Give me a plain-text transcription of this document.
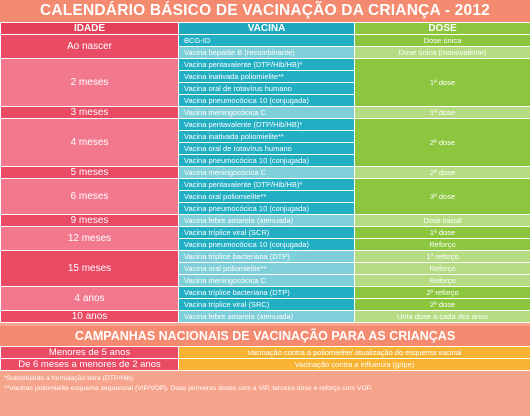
CALENDÁRIO BÁSICO DE VACINAÇÃO DA CRIANÇA - 2012
IDADE	VACINA	DOSE
Ao nascer	BCG-ID	Dose única
	Vacina hepatite B (recombinante)	Dose única (monovalente)
2 meses	Vacina pentavalente (DTP/Hib/HB)*	1ª dose
	Vacina inativada poliomielite**	
	Vacina oral de rotavírus humano	
	Vacina pneumocócica 10 (conjugada)	
3 meses	Vacina meningocócica C	1ª dose
4 meses	Vacina pentavalente (DTP/Hib/HB)*	2ª dose
	Vacina inativada poliomielite**	
	Vacina oral de rotavírus humano	
	Vacina pneumocócica 10 (conjugada)	
5 meses	Vacina meningocócica C	2ª dose
6 meses	Vacina pentavalente (DTP/Hib/HB)*	3ª dose
	Vacina oral poliomielite**	
	Vacina pneumocócica 10 (conjugada)	
9 meses	Vacina febre amarela (atenuada)	Dose inicial
12 meses	Vacina tríplice viral (SCR)	1ª dose
	Vacina pneumocócica 10 (conjugada)	Reforço
15 meses	Vacina tríplice bacteriana (DTP)	1º reforço
	Vacina oral poliomielite**	Reforço
	Vacina meningocócica C	Reforço
4 anos	Vacina tríplice bacteriana (DTP)	2º reforço
	Vacina tríplice viral (SRC)	2ª dose
10 anos	Vacina febre amarela (atenuada)	Uma dose a cada dez anos
CAMPANHAS NACIONAIS DE VACINAÇÃO PARA AS CRIANÇAS
Menores de 5 anos	Vacinação contra a poliomielite/ atualização do esquema vacinal
De 6 meses a menores de 2 anos	Vacinação contra a influenza (gripe)
*Substituindo a formulação tetra (DTP/Hib).
**Vacinas poliomielite esquema sequencial (VIP/VOP). Duas pirmeiras doses com a VIP, terceira dose e reforço com VOP.
